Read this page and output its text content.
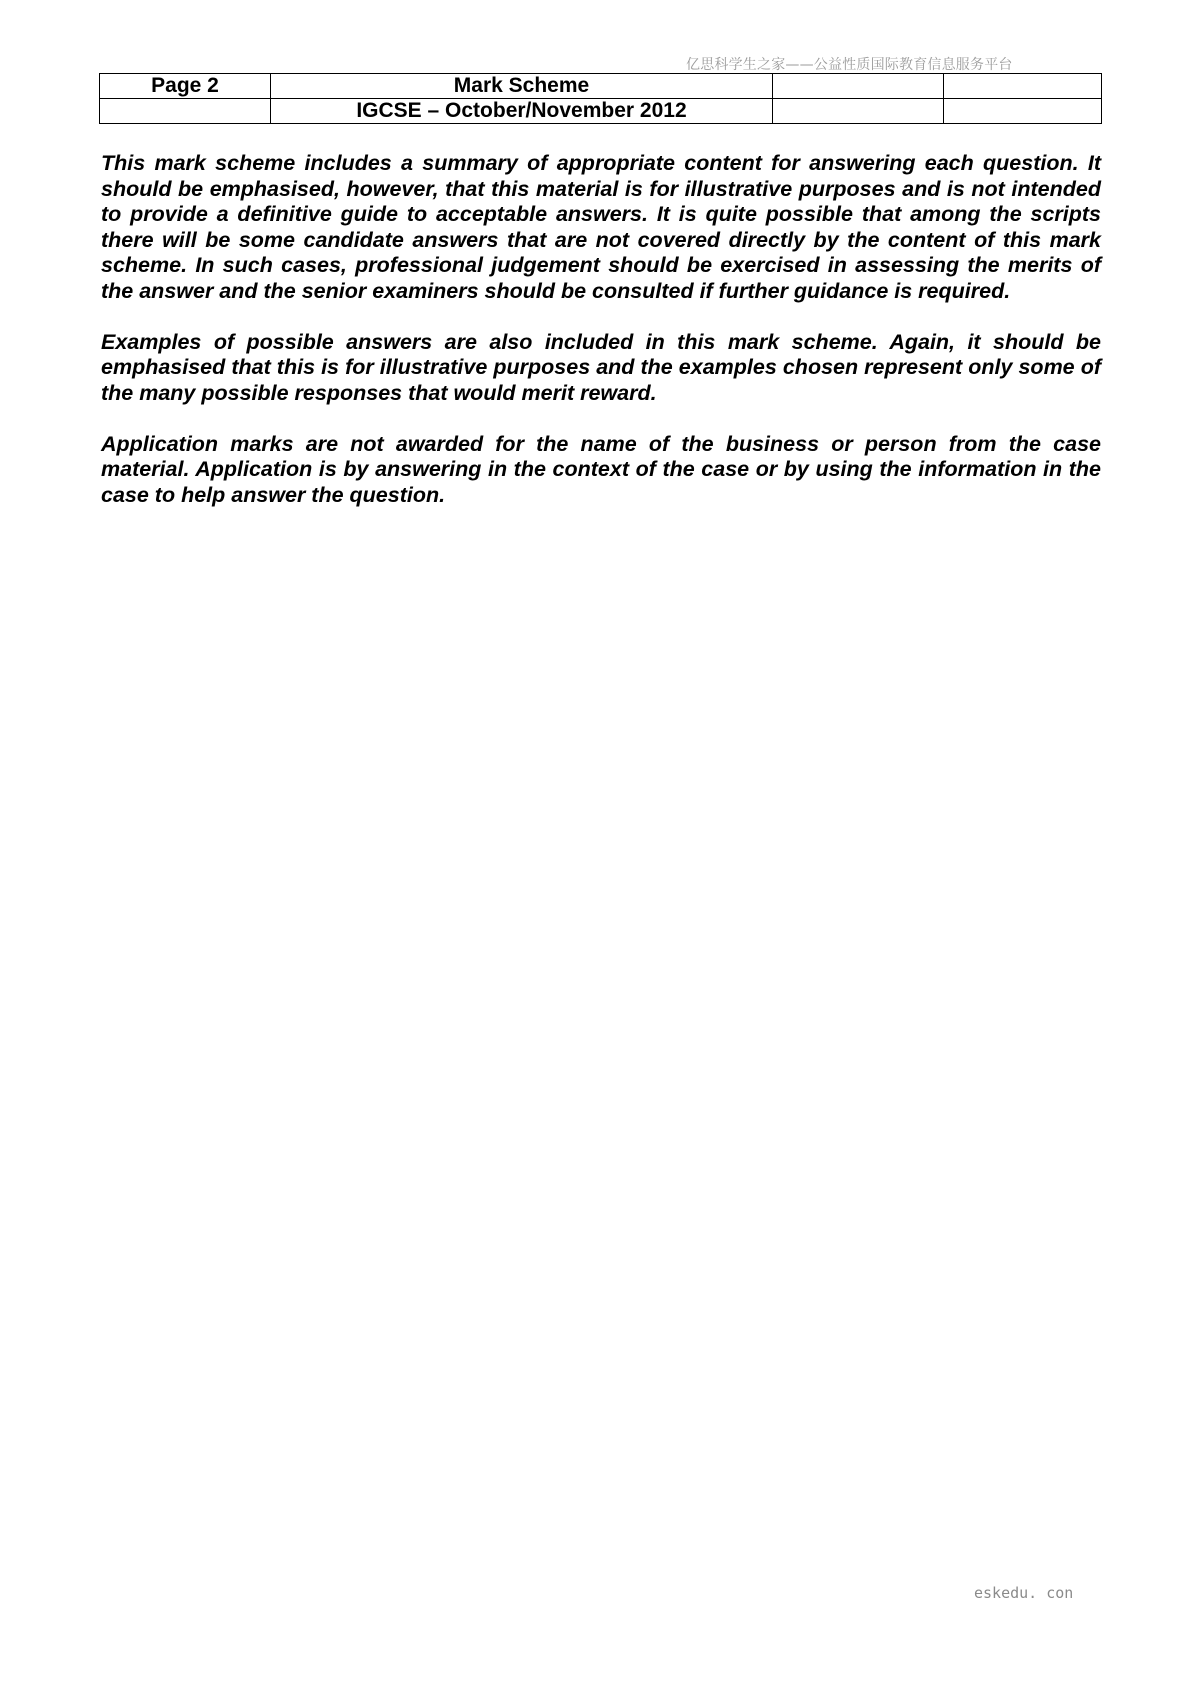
亿思科学生之家——公益性质国际教育信息服务平台
Page 2	Mark Scheme		
	IGCSE – October/November 2012		

This mark scheme includes a summary of appropriate content for answering each question. It should be emphasised, however, that this material is for illustrative purposes and is not intended to provide a definitive guide to acceptable answers. It is quite possible that among the scripts there will be some candidate answers that are not covered directly by the content of this mark scheme. In such cases, professional judgement should be exercised in assessing the merits of the answer and the senior examiners should be consulted if further guidance is required.

Examples of possible answers are also included in this mark scheme. Again, it should be emphasised that this is for illustrative purposes and the examples chosen represent only some of the many possible responses that would merit reward.

Application marks are not awarded for the name of the business or person from the case material. Application is by answering in the context of the case or by using the information in the case to help answer the question.

eskedu. con
